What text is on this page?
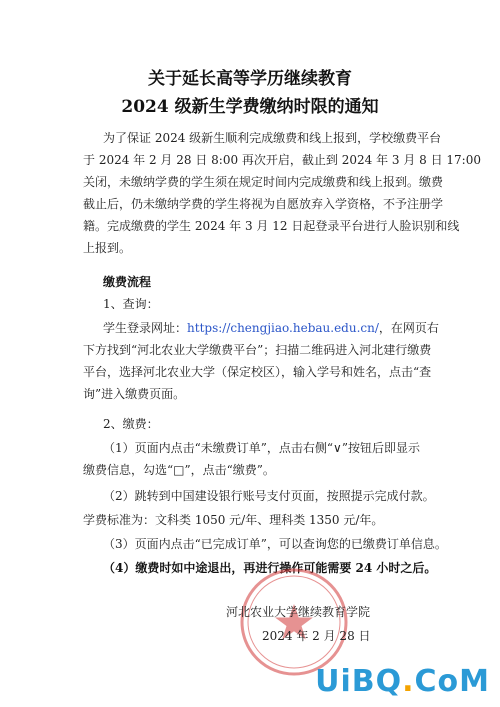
关于延长高等学历继续教育
2024 级新生学费缴纳时限的通知
为了保证 2024 级新生顺利完成缴费和线上报到，学校缴费平台
于 2024 年 2 月 28 日 8:00 再次开启，截止到 2024 年 3 月 8 日 17:00
关闭，未缴纳学费的学生须在规定时间内完成缴费和线上报到。缴费
截止后，仍未缴纳学费的学生将视为自愿放弃入学资格，不予注册学
籍。完成缴费的学生 2024 年 3 月 12 日起登录平台进行人脸识别和线
上报到。
缴费流程
1、查询：
学生登录网址：https://chengjiao.hebau.edu.cn/，在网页右
下方找到“河北农业大学缴费平台”；扫描二维码进入河北建行缴费
平台，选择河北农业大学（保定校区），输入学号和姓名，点击“查
询”进入缴费页面。
2、缴费：
（1）页面内点击“未缴费订单”，点击右侧“∨”按钮后即显示
缴费信息，勾选“□”，点击“缴费”。
（2）跳转到中国建设银行账号支付页面，按照提示完成付款。
学费标准为：文科类 1050 元/年、理科类 1350 元/年。
（3）页面内点击“已完成订单”，可以查询您的已缴费订单信息。
（4）缴费时如中途退出，再进行操作可能需要 24 小时之后。
河北农业大学继续教育学院
2024 年 2 月 28 日
UiBQ.CoM
